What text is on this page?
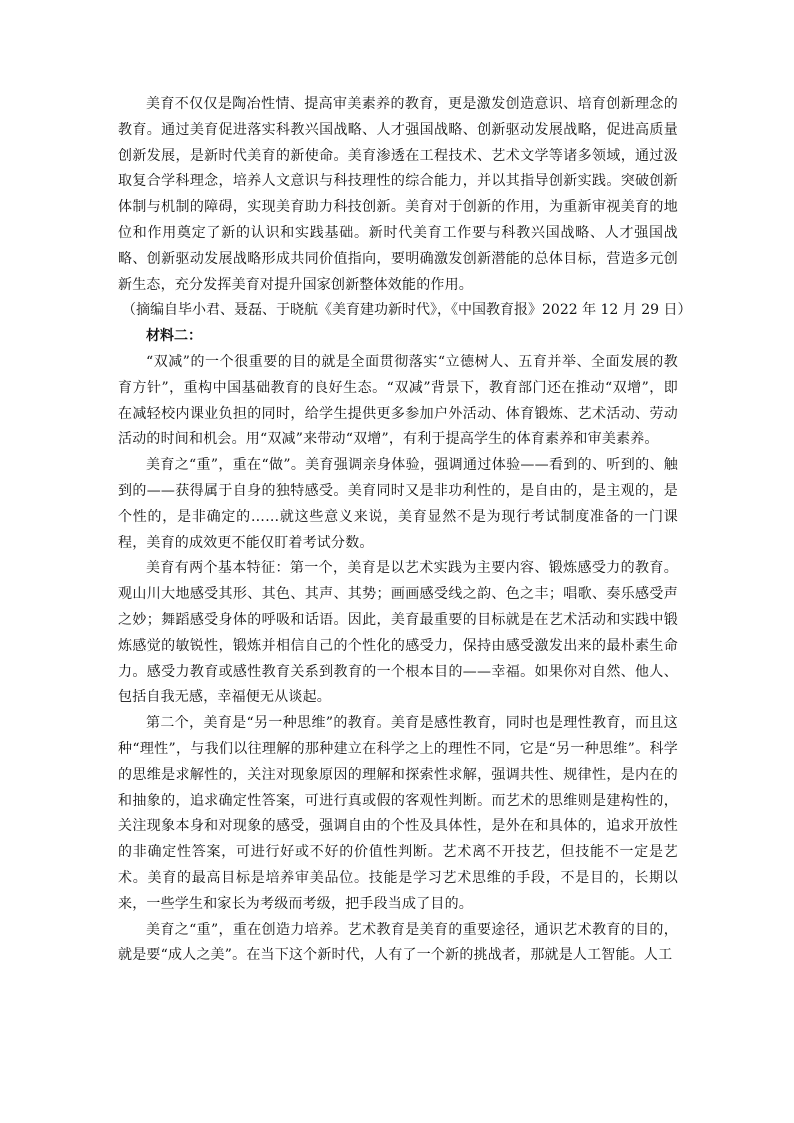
美育不仅仅是陶冶性情、提高审美素养的教育，更是激发创造意识、培育创新理念的教育。通过美育促进落实科教兴国战略、人才强国战略、创新驱动发展战略，促进高质量创新发展，是新时代美育的新使命。美育渗透在工程技术、艺术文学等诸多领域，通过汲取复合学科理念，培养人文意识与科技理性的综合能力，并以其指导创新实践。突破创新体制与机制的障碍，实现美育助力科技创新。美育对于创新的作用，为重新审视美育的地位和作用奠定了新的认识和实践基础。新时代美育工作要与科教兴国战略、人才强国战略、创新驱动发展战略形成共同价值指向，要明确激发创新潜能的总体目标，营造多元创新生态，充分发挥美育对提升国家创新整体效能的作用。

（摘编自毕小君、聂磊、于晓航《美育建功新时代》，《中国教育报》2022 年 12 月 29 日）

材料二：

“双减”的一个很重要的目的就是全面贯彻落实“立德树人、五育并举、全面发展的教育方针”，重构中国基础教育的良好生态。“双减”背景下，教育部门还在推动“双增”，即在减轻校内课业负担的同时，给学生提供更多参加户外活动、体育锻炼、艺术活动、劳动活动的时间和机会。用“双减”来带动“双增”，有利于提高学生的体育素养和审美素养。

美育之“重”，重在“做”。美育强调亲身体验，强调通过体验——看到的、听到的、触到的——获得属于自身的独特感受。美育同时又是非功利性的，是自由的，是主观的，是个性的，是非确定的……就这些意义来说，美育显然不是为现行考试制度准备的一门课程，美育的成效更不能仅盯着考试分数。

美育有两个基本特征：第一个，美育是以艺术实践为主要内容、锻炼感受力的教育。观山川大地感受其形、其色、其声、其势；画画感受线之韵、色之丰；唱歌、奏乐感受声之妙；舞蹈感受身体的呼吸和话语。因此，美育最重要的目标就是在艺术活动和实践中锻炼感觉的敏锐性，锻炼并相信自己的个性化的感受力，保持由感受激发出来的最朴素生命力。感受力教育或感性教育关系到教育的一个根本目的——幸福。如果你对自然、他人、包括自我无感，幸福便无从谈起。

第二个，美育是“另一种思维”的教育。美育是感性教育，同时也是理性教育，而且这种“理性”，与我们以往理解的那种建立在科学之上的理性不同，它是“另一种思维”。科学的思维是求解性的，关注对现象原因的理解和探索性求解，强调共性、规律性，是内在的和抽象的，追求确定性答案，可进行真或假的客观性判断。而艺术的思维则是建构性的，关注现象本身和对现象的感受，强调自由的个性及具体性，是外在和具体的，追求开放性的非确定性答案，可进行好或不好的价值性判断。艺术离不开技艺，但技能不一定是艺术。美育的最高目标是培养审美品位。技能是学习艺术思维的手段，不是目的，长期以来，一些学生和家长为考级而考级，把手段当成了目的。

美育之“重”，重在创造力培养。艺术教育是美育的重要途径，通识艺术教育的目的，就是要“成人之美”。在当下这个新时代，人有了一个新的挑战者，那就是人工智能。人工
